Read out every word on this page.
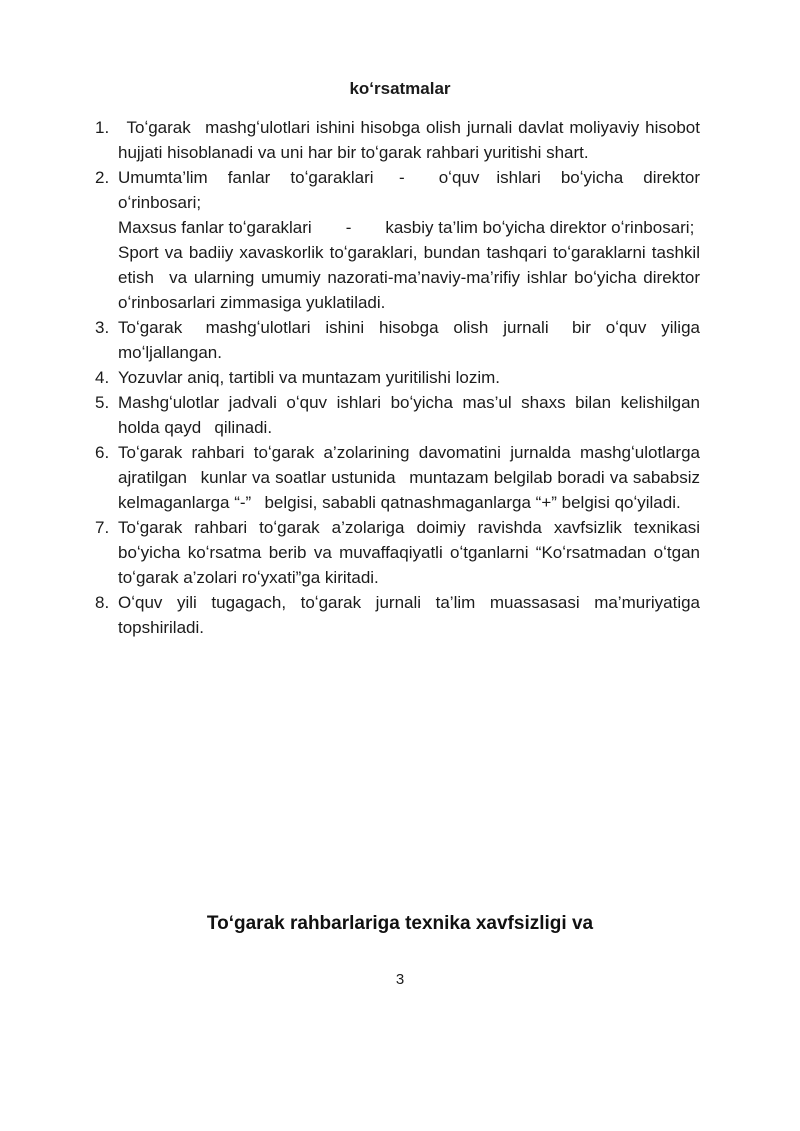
koʻrsatmalar
1.  Toʻgarak  mashgʻulotlari ishini hisobga olish jurnali davlat moliyaviy hisobot hujjati hisoblanadi va uni har bir toʻgarak rahbari yuritishi shart.

2. Umumta’lim fanlar toʻgaraklari  -   oʻquv  ishlari boʻyicha direktor oʻrinbosari;

Maxsus fanlar toʻgaraklari  -  kasbiy ta’lim boʻyicha direktor oʻrinbosari;

Sport va badiiy xavaskorlik toʻgaraklari, bundan tashqari toʻgaraklarni tashkil etish  va ularning umumiy nazorati-ma’naviy-ma’rifiy ishlar boʻyicha direktor oʻrinbosarlari zimmasiga yuklatiladi.

3. Toʻgarak  mashgʻulotlari ishini hisobga olish jurnali  bir oʻquv yiliga moʻljallangan.

4. Yozuvlar aniq, tartibli va muntazam yuritilishi lozim.

5. Mashgʻulotlar jadvali oʻquv ishlari boʻyicha mas’ul shaxs bilan kelishilgan holda qayd  qilinadi.

6. Toʻgarak rahbari toʻgarak a’zolarining davomatini jurnalda mashgʻulotlarga ajratilgan  kunlar va soatlar ustunida  muntazam belgilab boradi va sababsiz kelmaganlarga “-”  belgisi, sababli qatnashmaganlarga “+” belgisi qoʻyiladi.

7. Toʻgarak rahbari toʻgarak a’zolariga doimiy ravishda xavfsizlik texnikasi boʻyicha koʻrsatma berib va muvaffaqiyatli oʻtganlarni “Koʻrsatmadan oʻtgan toʻgarak a’zolari roʻyxati”ga kiritadi.

8. Oʻquv yili tugagach, toʻgarak jurnali ta’lim muassasasi ma’muriyatiga topshiriladi.

Toʻgarak rahbarlariga texnika xavfsizligi va
3
